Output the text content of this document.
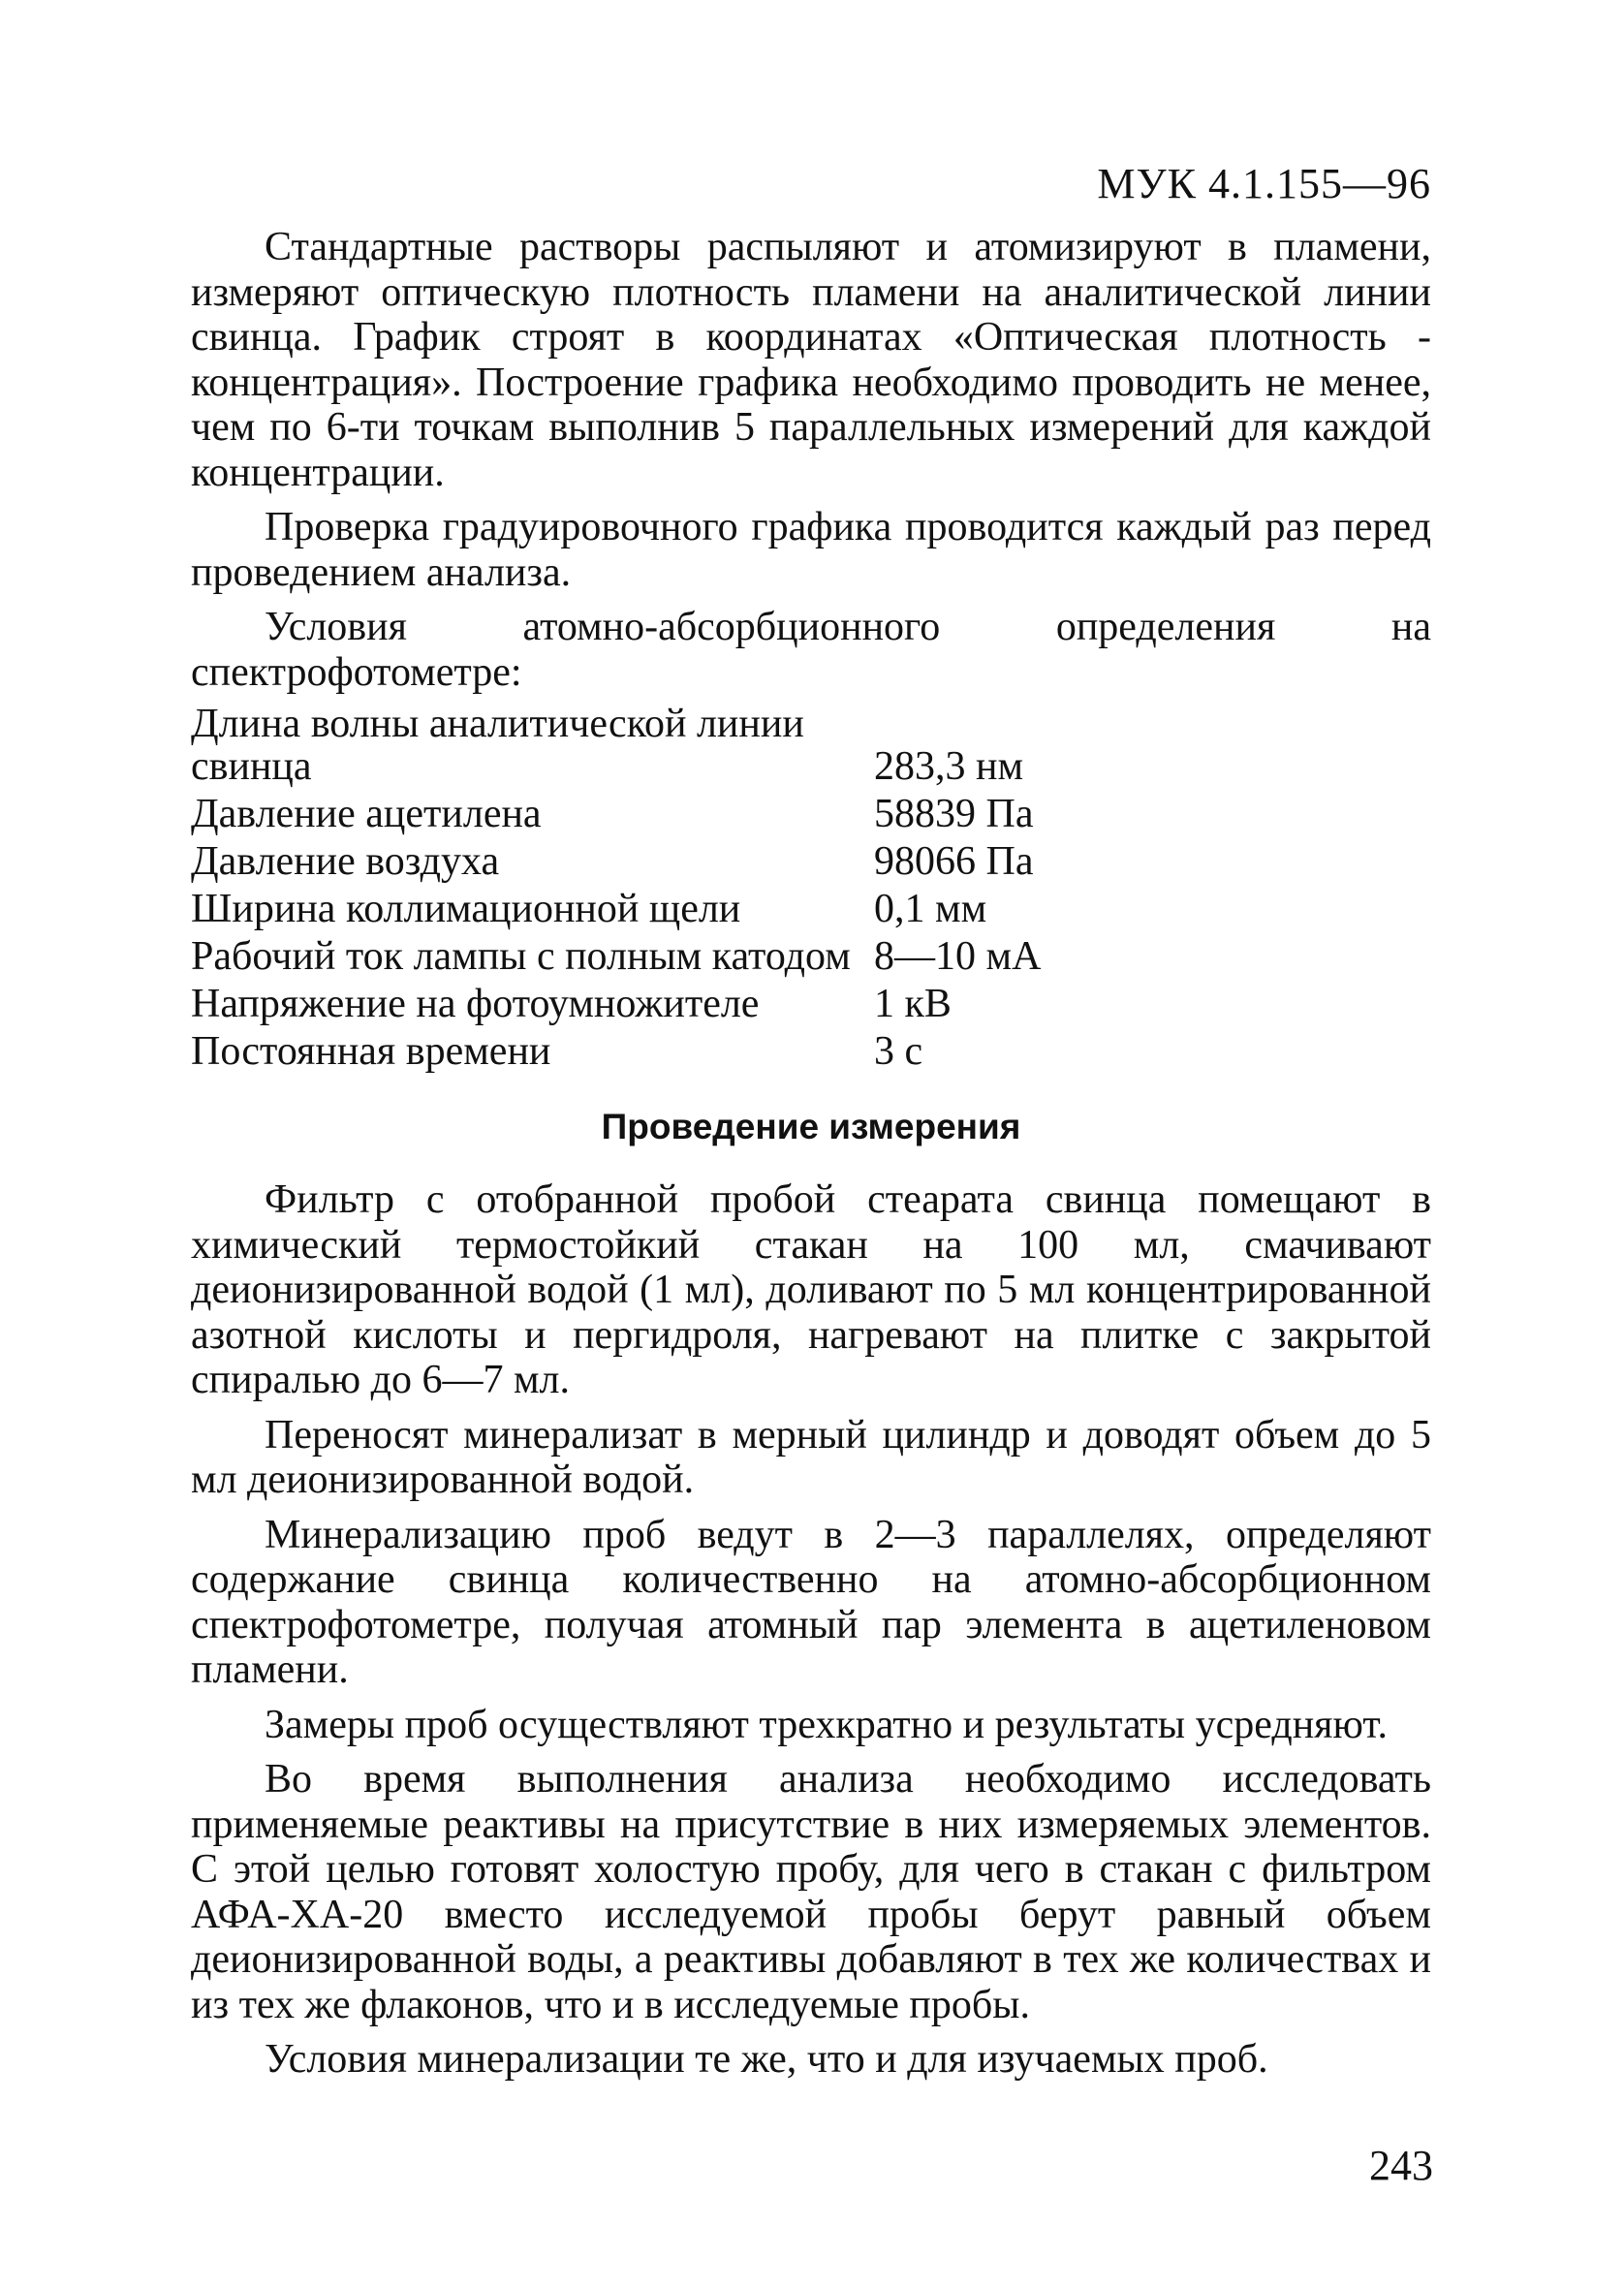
МУК 4.1.155—96

Стандартные растворы распыляют и атомизируют в пламени, измеряют оптическую плотность пламени на аналитической линии свинца. График строят в координатах «Оптическая плотность - концентрация». Построение графика необходимо проводить не менее, чем по 6-ти точкам выполнив 5 параллельных измерений для каждой концентрации.

Проверка градуировочного графика проводится каждый раз перед проведением анализа.

Условия атомно-абсорбционного определения на спектрофотометре:

Длина волны аналитической линии свинца	283,3 нм
Давление ацетилена	58839 Па
Давление воздуха	98066 Па
Ширина коллимационной щели	0,1 мм
Рабочий ток лампы с полным катодом 8—10 мА
Напряжение на фотоумножителе	1 кВ
Постоянная времени	3 с
Проведение измерения

Фильтр с отобранной пробой стеарата свинца помещают в химический термостойкий стакан на 100 мл, смачивают деионизированной водой (1 мл), доливают по 5 мл концентрированной азотной кислоты и пергидроля, нагревают на плитке с закрытой спиралью до 6—7 мл.

Переносят минерализат в мерный цилиндр и доводят объем до 5 мл деионизированной водой.

Минерализацию проб ведут в 2—3 параллелях, определяют содержание свинца количественно на атомно-абсорбционном спектрофотометре, получая атомный пар элемента в ацетиленовом пламени.

Замеры проб осуществляют трехкратно и результаты усредняют.

Во время выполнения анализа необходимо исследовать применяемые реактивы на присутствие в них измеряемых элементов. С этой целью готовят холостую пробу, для чего в стакан с фильтром АФА-ХА-20 вместо исследуемой пробы берут равный объем деионизированной воды, а реактивы добавляют в тех же количествах и из тех же флаконов, что и в исследуемые пробы.

Условия минерализации те же, что и для изучаемых проб.

243
